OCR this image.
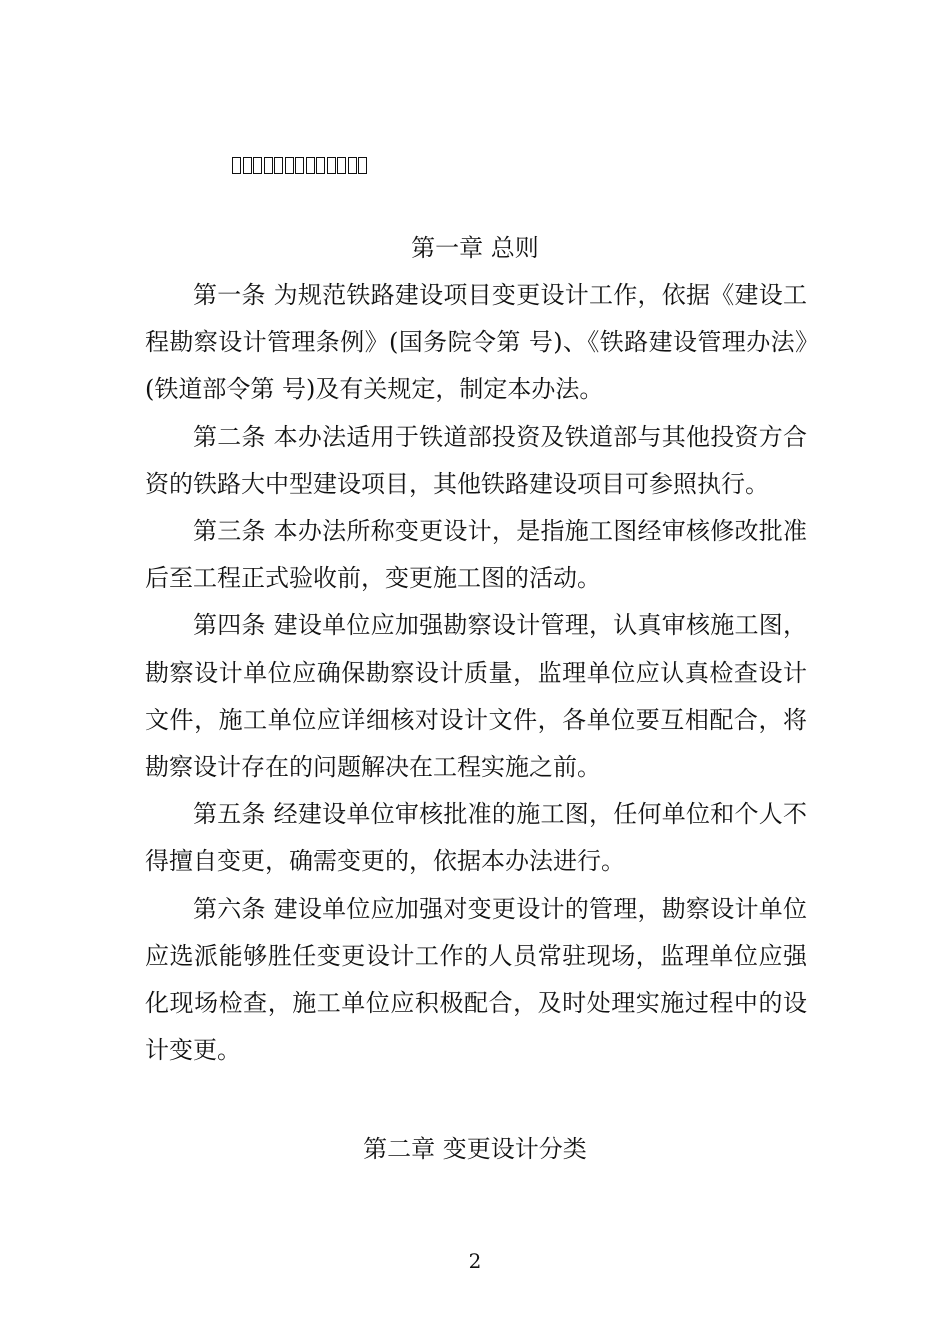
第一章 总则

第一条 为规范铁路建设项目变更设计工作，依据《建设工程勘察设计管理条例》(国务院令第 号)、《铁路建设管理办法》(铁道部令第 号)及有关规定，制定本办法。

第二条 本办法适用于铁道部投资及铁道部与其他投资方合资的铁路大中型建设项目，其他铁路建设项目可参照执行。

第三条 本办法所称变更设计，是指施工图经审核修改批准后至工程正式验收前，变更施工图的活动。

第四条 建设单位应加强勘察设计管理，认真审核施工图，勘察设计单位应确保勘察设计质量，监理单位应认真检查设计文件，施工单位应详细核对设计文件，各单位要互相配合，将勘察设计存在的问题解决在工程实施之前。

第五条 经建设单位审核批准的施工图，任何单位和个人不得擅自变更，确需变更的，依据本办法进行。

第六条 建设单位应加强对变更设计的管理，勘察设计单位应选派能够胜任变更设计工作的人员常驻现场，监理单位应强化现场检查，施工单位应积极配合，及时处理实施过程中的设计变更。

第二章 变更设计分类
2
